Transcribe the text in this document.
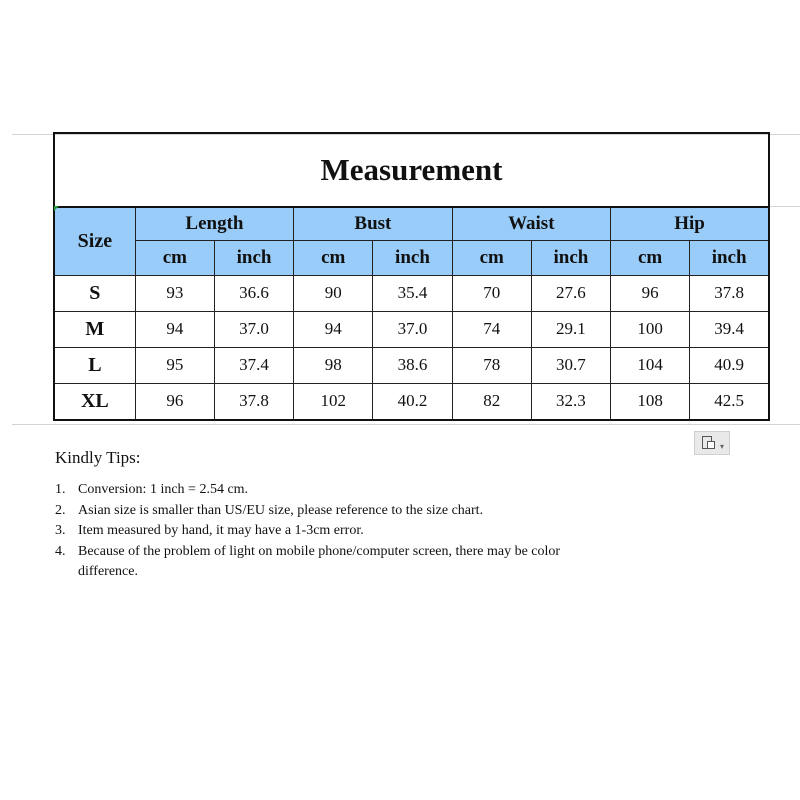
Measurement								
Size	Length		Bust		Waist		Hip	
	cm	inch	cm	inch	cm	inch	cm	inch
S	93	36.6	90	35.4	70	27.6	96	37.8
M	94	37.0	94	37.0	74	29.1	100	39.4
L	95	37.4	98	38.6	78	30.7	104	40.9
XL	96	37.8	102	40.2	82	32.3	108	42.5
▾
Kindly Tips:
1. Conversion: 1 inch = 2.54 cm.
2. Asian size is smaller than US/EU size, please reference to the size chart.
3. Item measured by hand, it may have a 1-3cm error.
4. Because of the problem of light on mobile phone/computer screen, there may be color difference.
